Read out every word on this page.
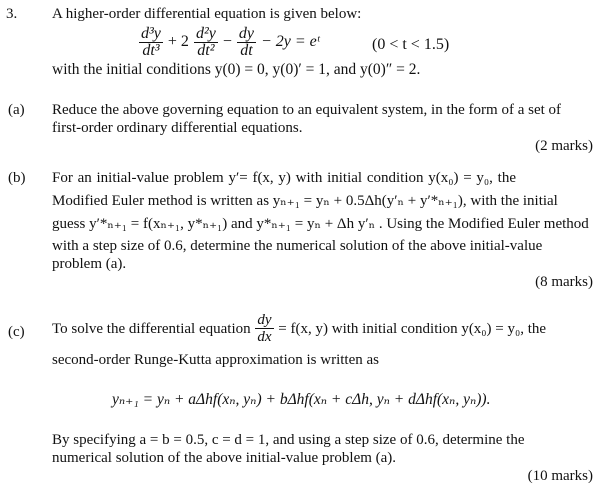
3. A higher-order differential equation is given below:
$\frac{\text{d³y}}{\text{dt³}} + 2 \frac{\text{d²y}}{\text{dt²}} - \frac{dy}{dt} - 2y$ = eᵗ	(0 < t < 1.5)
with the initial conditions y(0) = 0, y(0)′ = 1, and y(0)″ = 2.
(a) Reduce the above governing equation to an equivalent system, in the form of a set of
first-order ordinary differential equations.
(2 marks)
(b) For an initial-value problem y′= f(x, y) with initial condition y(x₀) = y₀, the
Modified Euler method is written as yₙ₊₁ = yₙ + 0.5Δh(y′ₙ + y′*ₙ₊₁), with the initial
guess y′*ₙ₊₁ = f(xₙ₊₁, y*ₙ₊₁) and y*ₙ₊₁ = yₙ + Δh y′ₙ . Using the Modified Euler method
with a step size of 0.6, determine the numerical solution of the above initial-value
problem (a).
(8 marks)
(c) To solve the differential equation $\frac{dy}{dx} = f(x$, y) with initial condition y(x₀) = y₀, the
second-order Runge-Kutta approximation is written as
yₙ₊₁ = yₙ + aΔhf(xₙ, yₙ) + bΔhf(xₙ + cΔh, yₙ + dΔhf(xₙ, yₙ)).
By specifying a = b = 0.5, c = d = 1, and using a step size of 0.6, determine the
numerical solution of the above initial-value problem (a).
(10 marks)
